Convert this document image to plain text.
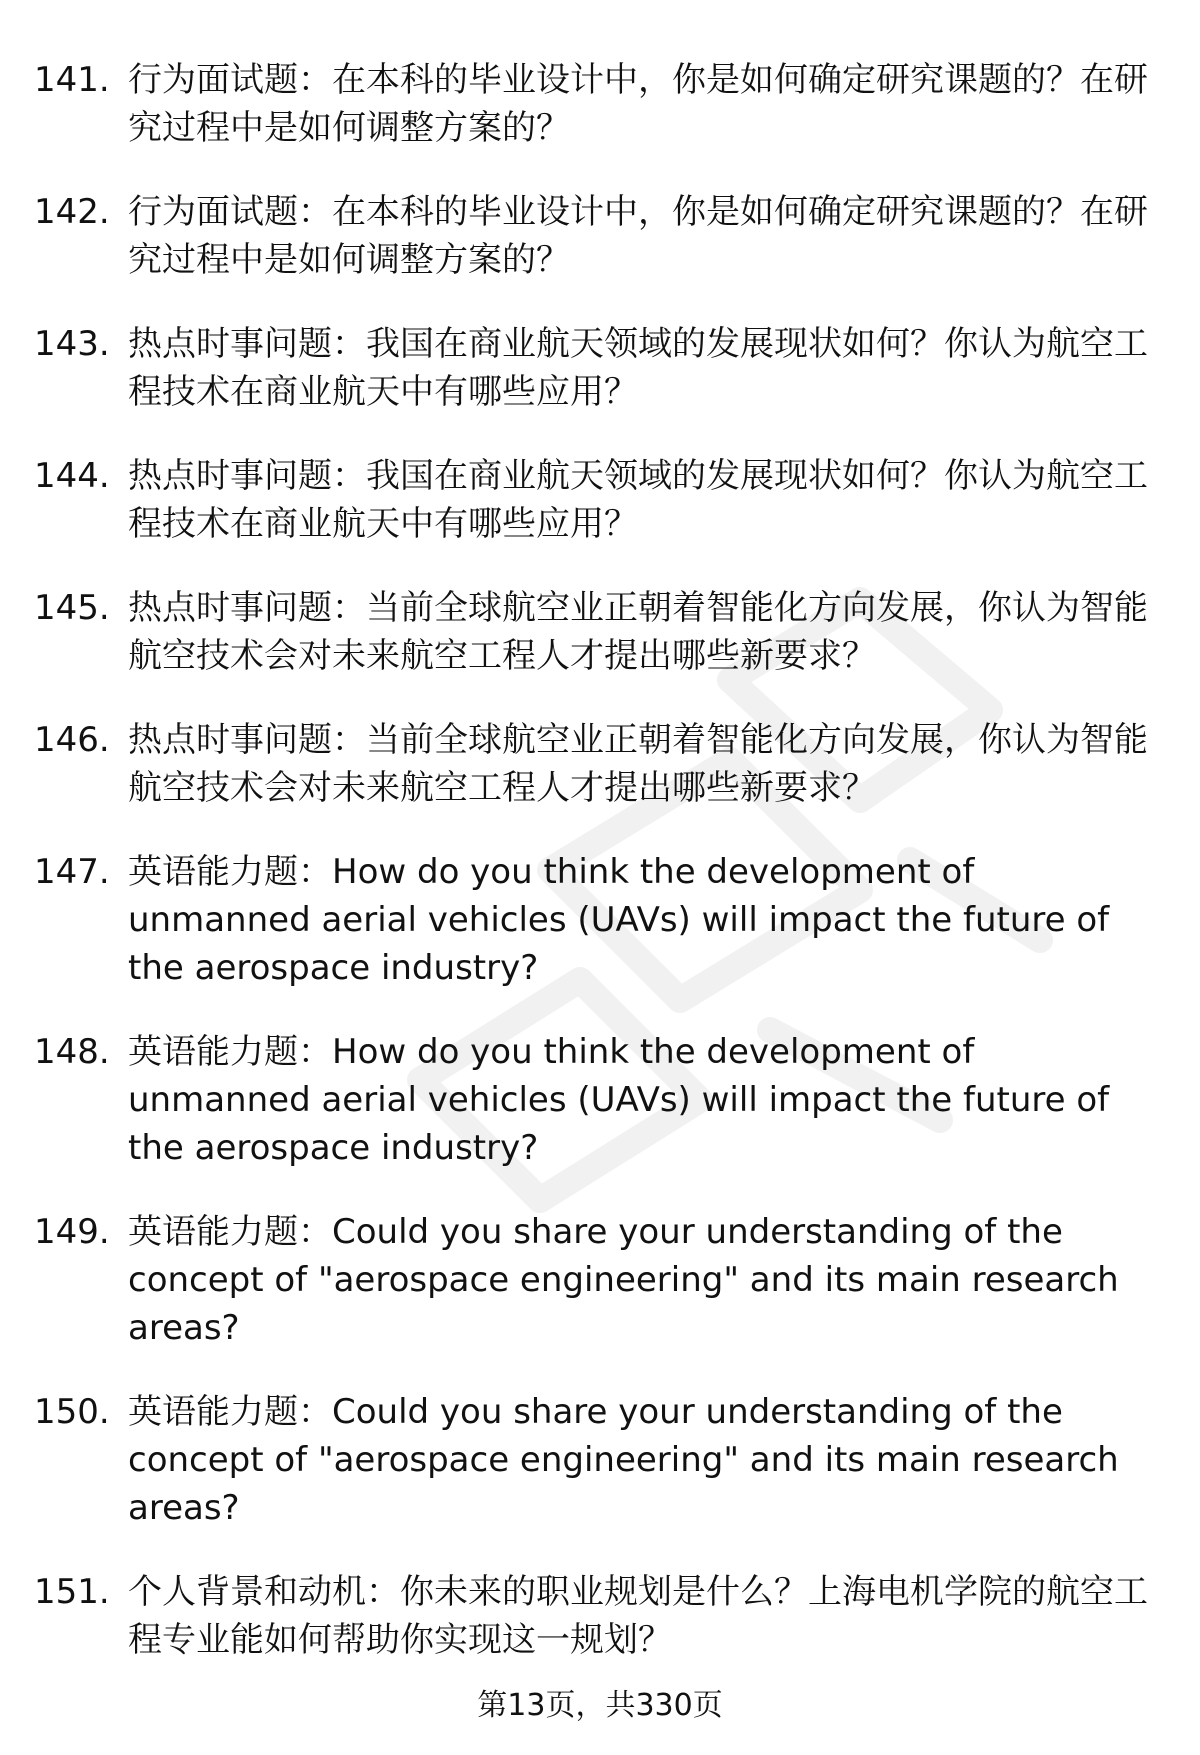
141. 行为面试题：在本科的毕业设计中，你是如何确定研究课题的？在研究过程中是如何调整方案的？
142. 行为面试题：在本科的毕业设计中，你是如何确定研究课题的？在研究过程中是如何调整方案的？
143. 热点时事问题：我国在商业航天领域的发展现状如何？你认为航空工程技术在商业航天中有哪些应用？
144. 热点时事问题：我国在商业航天领域的发展现状如何？你认为航空工程技术在商业航天中有哪些应用？
145. 热点时事问题：当前全球航空业正朝着智能化方向发展，你认为智能航空技术会对未来航空工程人才提出哪些新要求？
146. 热点时事问题：当前全球航空业正朝着智能化方向发展，你认为智能航空技术会对未来航空工程人才提出哪些新要求？
147. 英语能力题：How do you think the development of unmanned aerial vehicles (UAVs) will impact the future of the aerospace industry?
148. 英语能力题：How do you think the development of unmanned aerial vehicles (UAVs) will impact the future of the aerospace industry?
149. 英语能力题：Could you share your understanding of the concept of "aerospace engineering" and its main research areas?
150. 英语能力题：Could you share your understanding of the concept of "aerospace engineering" and its main research areas?
151. 个人背景和动机：你未来的职业规划是什么？上海电机学院的航空工程专业能如何帮助你实现这一规划？
第13页，共330页
